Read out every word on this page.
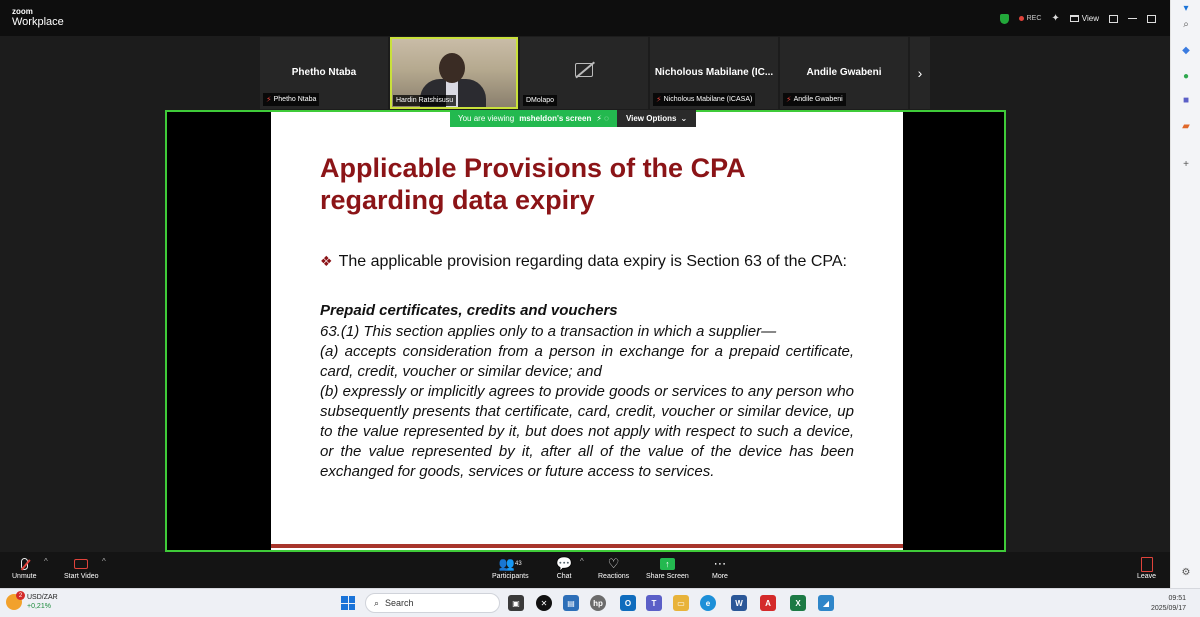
zoom
Workplace	REC ✦	View
Phetho Ntaba
⚡ Phetho Ntaba	Hardin Ratshisusu	DMolapo
Nicholous Mabilane (IC...
⚡ Nicholous Mabilane (ICASA)
Andile Gwabeni
⚡ Andile Gwabeni
›
Applicable Provisions of the CPA
regarding data expiry
❖ The applicable provision regarding data expiry is Section 63 of the CPA:
Prepaid certificates, credits and vouchers

63.(1) This section applies only to a transaction in which a supplier—

(a) accepts consideration from a person in exchange for a prepaid certificate, card, credit, voucher or similar device; and

(b) expressly or implicitly agrees to provide goods or services to any person who subsequently presents that certificate, card, credit, voucher or similar device, up to the value represented by it, but does not apply with respect to such a device, or the value represented by it, after all of the value of the device has been exchanged for goods, services or future access to services.

You are viewing msheldon's screen ⚡ ◌ View Options ⌄
Unmute
^
Start Video
^	👥 43
Participants
💬
Chat
^ ♡
Reactions
↑
Share Screen
⋯
More	Leave
▾
⌕
◆
●
■
▰
+
⚙
2 USD/ZAR
+0,21%	⌕ Search	▣	✕	▤	hp	O	T	▭	e	W	A	X	◢	09:51
2025/09/17
